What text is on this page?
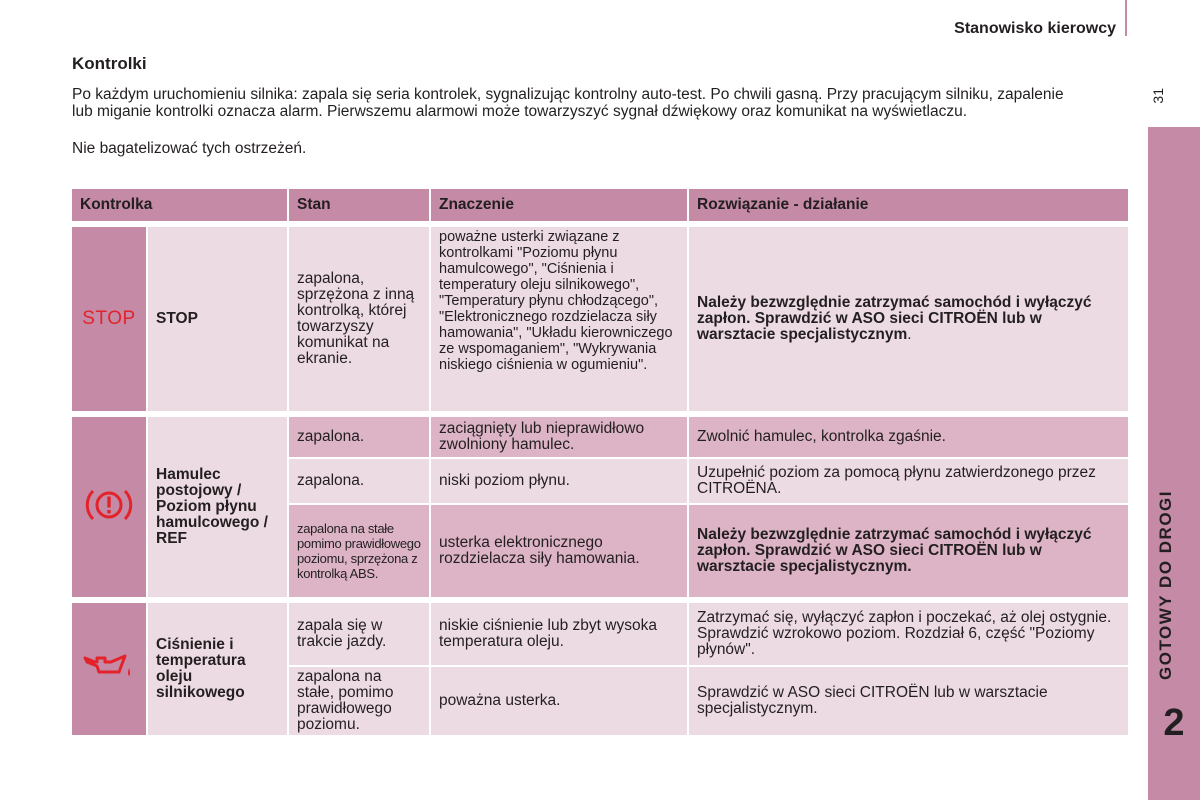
Stanowisko kierowcy
31
GOTOWY DO DROGI
2
Kontrolki

Po każdym uruchomieniu silnika: zapala się seria kontrolek, sygnalizując kontrolny auto-test. Po chwili gasną. Przy pracującym silniku, zapalenie lub miganie kontrolki oznacza alarm. Pierwszemu alarmowi może towarzyszyć sygnał dźwiękowy oraz komunikat na wyświetlaczu.

Nie bagatelizować tych ostrzeżeń.

Kontrolka		Stan	Znaczenie	Rozwiązanie - działanie

STOP	STOP	zapalona, sprzężona z inną kontrolką, której towarzyszy komunikat na ekranie.	poważne usterki związane z kontrolkami "Poziomu płynu hamulcowego", "Ciśnienia i temperatury oleju silnikowego", "Temperatury płynu chłodzącego", "Elektronicznego rozdzielacza siły hamowania", "Układu kierowniczego ze wspomaganiem", "Wykrywania niskiego ciśnienia w ogumieniu".	Należy bezwzględnie zatrzymać samochód i wyłączyć zapłon. Sprawdzić w ASO sieci CITROËN lub w warsztacie specjalistycznym.

	Hamulec postojowy / Poziom płynu hamulcowego / REF	zapalona.	zaciągnięty lub nieprawidłowo zwolniony hamulec.	Zwolnić hamulec, kontrolka zgaśnie.
		zapalona.	niski poziom płynu.	Uzupełnić poziom za pomocą płynu zatwierdzonego przez CITROËNA.
		zapalona na stałe pomimo prawidłowego poziomu, sprzężona z kontrolką ABS.	usterka elektronicznego rozdzielacza siły hamowania.	Należy bezwzględnie zatrzymać samochód i wyłączyć zapłon. Sprawdzić w ASO sieci CITROËN lub w warsztacie specjalistycznym.

	Ciśnienie i temperatura oleju silnikowego	zapala się w trakcie jazdy.	niskie ciśnienie lub zbyt wysoka temperatura oleju.	Zatrzymać się, wyłączyć zapłon i poczekać, aż olej ostygnie. Sprawdzić wzrokowo poziom. Rozdział 6, część "Poziomy płynów".
		zapalona na stałe, pomimo prawidłowego poziomu.	poważna usterka.	Sprawdzić w ASO sieci CITROËN lub w warsztacie specjalistycznym.
